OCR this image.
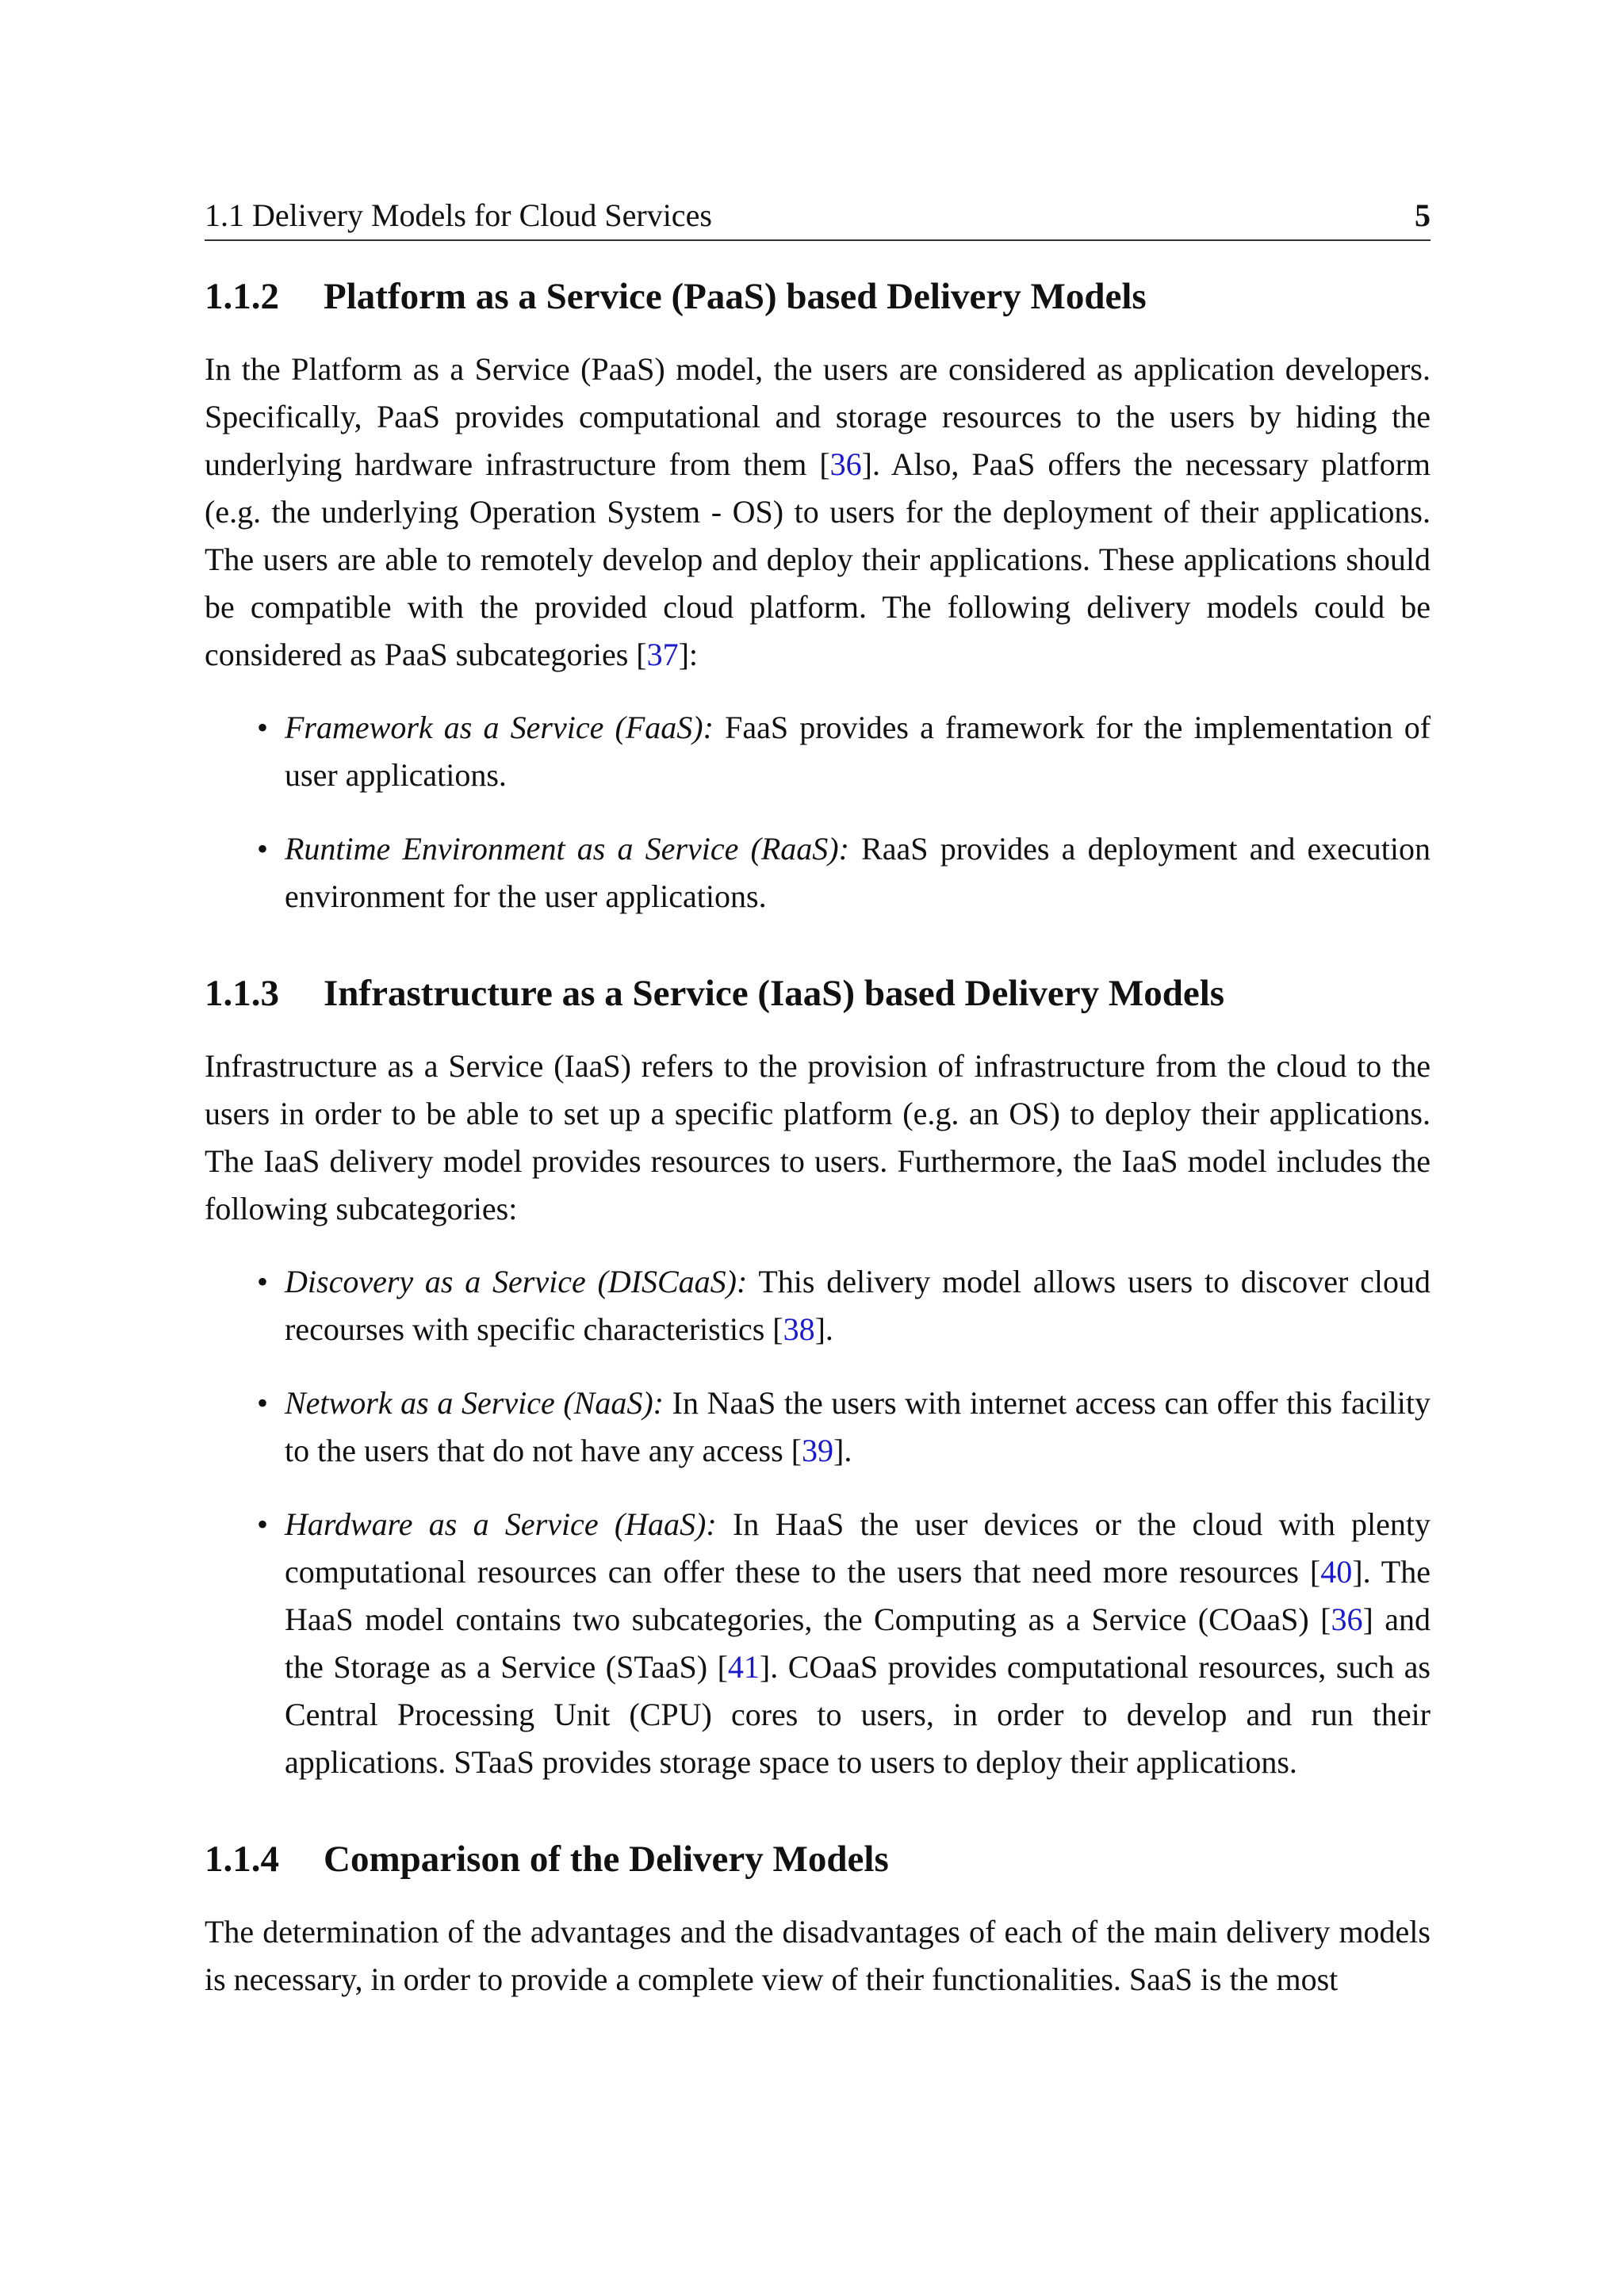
1.1 Delivery Models for Cloud Services	5
1.1.2	Platform as a Service (PaaS) based Delivery Models

In the Platform as a Service (PaaS) model, the users are considered as application developers. Specifically, PaaS provides computational and storage resources to the users by hiding the underlying hardware infrastructure from them [36]. Also, PaaS offers the necessary platform (e.g. the underlying Operation System - OS) to users for the deployment of their applications. The users are able to remotely develop and deploy their applications. These applications should be compatible with the provided cloud platform. The following delivery models could be considered as PaaS subcategories [37]:

• Framework as a Service (FaaS): FaaS provides a framework for the implementation of user applications.
• Runtime Environment as a Service (RaaS): RaaS provides a deployment and execution environment for the user applications.
1.1.3	Infrastructure as a Service (IaaS) based Delivery Models

Infrastructure as a Service (IaaS) refers to the provision of infrastructure from the cloud to the users in order to be able to set up a specific platform (e.g. an OS) to deploy their applications. The IaaS delivery model provides resources to users. Furthermore, the IaaS model includes the following subcategories:

• Discovery as a Service (DISCaaS): This delivery model allows users to discover cloud recourses with specific characteristics [38].
• Network as a Service (NaaS): In NaaS the users with internet access can offer this facility to the users that do not have any access [39].
• Hardware as a Service (HaaS): In HaaS the user devices or the cloud with plenty computational resources can offer these to the users that need more resources [40]. The HaaS model contains two subcategories, the Computing as a Service (COaaS) [36] and the Storage as a Service (STaaS) [41]. COaaS provides computational resources, such as Central Processing Unit (CPU) cores to users, in order to develop and run their applications. STaaS provides storage space to users to deploy their applications.
1.1.4	Comparison of the Delivery Models

The determination of the advantages and the disadvantages of each of the main delivery models is necessary, in order to provide a complete view of their functionalities. SaaS is the most
